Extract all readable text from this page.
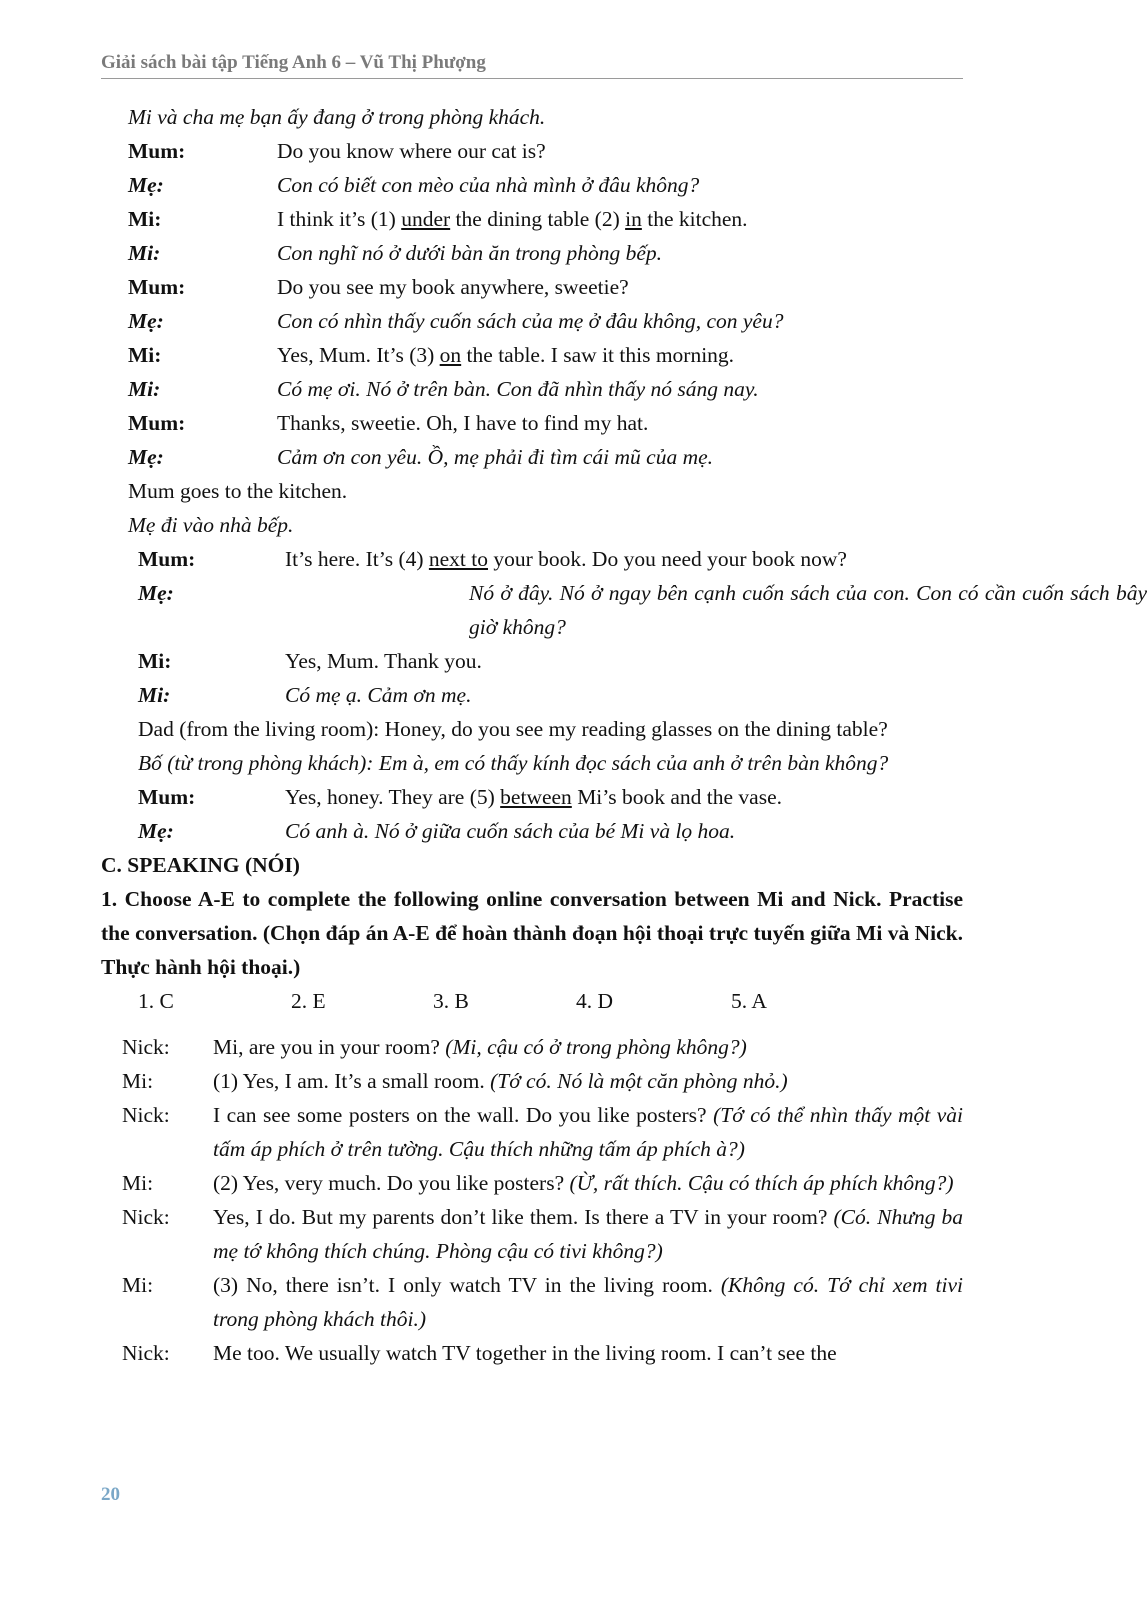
Giải sách bài tập Tiếng Anh 6 – Vũ Thị Phượng
Mi và cha mẹ bạn ấy đang ở trong phòng khách.
Mum:	Do you know where our cat is?
Mẹ:	Con có biết con mèo của nhà mình ở đâu không?
Mi:	I think it’s (1) under the dining table (2) in the kitchen.
Mi:	Con nghĩ nó ở dưới bàn ăn trong phòng bếp.
Mum:	Do you see my book anywhere, sweetie?
Mẹ:	Con có nhìn thấy cuốn sách của mẹ ở đâu không, con yêu?
Mi:	Yes, Mum. It’s (3) on the table. I saw it this morning.
Mi:	Có mẹ ơi. Nó ở trên bàn. Con đã nhìn thấy nó sáng nay.
Mum:	Thanks, sweetie. Oh, I have to find my hat.
Mẹ:	Cảm ơn con yêu. Ồ, mẹ phải đi tìm cái mũ của mẹ.
Mum goes to the kitchen.
Mẹ đi vào nhà bếp.
Mum:	It’s here. It’s (4) next to your book. Do you need your book now?
Mẹ:	Nó ở đây. Nó ở ngay bên cạnh cuốn sách của con. Con có cần cuốn sách bây giờ không?
Mi:	Yes, Mum. Thank you.
Mi:	Có mẹ ạ. Cảm ơn mẹ.
Dad (from the living room): Honey, do you see my reading glasses on the dining table?
Bố (từ trong phòng khách): Em à, em có thấy kính đọc sách của anh ở trên bàn không?
Mum:	Yes, honey. They are (5) between Mi’s book and the vase.
Mẹ:	Có anh à. Nó ở giữa cuốn sách của bé Mi và lọ hoa.
C. SPEAKING (NÓI)
1. Choose A-E to complete the following online conversation between Mi and Nick. Practise the conversation. (Chọn đáp án A-E để hoàn thành đoạn hội thoại trực tuyến giữa Mi và Nick. Thực hành hội thoại.)
1. C	2. E	3. B	4. D	5. A
Nick: Mi, are you in your room? (Mi, cậu có ở trong phòng không?)
Mi:	(1) Yes, I am. It’s a small room. (Tớ có. Nó là một căn phòng nhỏ.)
Nick: I can see some posters on the wall. Do you like posters? (Tớ có thể nhìn thấy một vài tấm áp phích ở trên tường. Cậu thích những tấm áp phích à?)
Mi:	(2) Yes, very much. Do you like posters? (Ừ, rất thích. Cậu có thích áp phích không?)
Nick: Yes, I do. But my parents don’t like them. Is there a TV in your room? (Có. Nhưng ba mẹ tớ không thích chúng. Phòng cậu có tivi không?)
Mi:	(3) No, there isn’t. I only watch TV in the living room. (Không có. Tớ chỉ xem tivi trong phòng khách thôi.)
Nick: Me too. We usually watch TV together in the living room. I can’t see the
20
